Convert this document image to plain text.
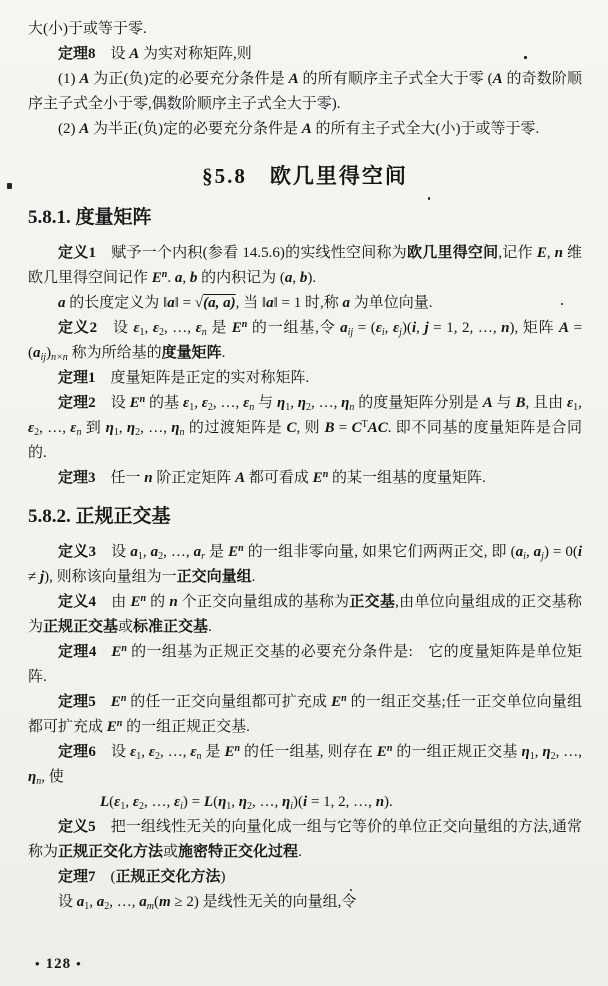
大(小)于或等于零.
定理8 设 A 为实对称矩阵,则
(1) A 为正(负)定的必要充分条件是 A 的所有顺序主子式全大于零 (A 的奇数阶顺序主子式全小于零,偶数阶顺序主子式全大于零).
(2) A 为半正(负)定的必要充分条件是 A 的所有主子式全大(小)于或等于零.
§5.8 欧几里得空间
5.8.1. 度量矩阵
定义1 赋予一个内积(参看 14.5.6)的实线性空间称为欧几里得空间,记作 E, n 维欧几里得空间记作 $E^n$. a, b 的内积记为 (a, b).
a 的长度定义为 ‖a‖ = √(a, a), 当 ‖a‖ = 1 时,称 a 为单位向量.
定义2 设 $\varepsilon_1$, $\varepsilon_2$, …, $\varepsilon_n$ 是 $E^n$ 的一组基,令 $a_{ij} = (\varepsilon_i$, $\varepsilon_j)(i$, j = 1, 2, …, n), 矩阵 $A = (a_{ij})_{n\times n}$ 称为所给基的度量矩阵.
定理1 度量矩阵是正定的实对称矩阵.
定理2 设 $E^n$ 的基 $\varepsilon_1$, $\varepsilon_2$, …, $\varepsilon_n$ 与 $\eta_1$, $\eta_2$, …, $\eta_n$ 的度量矩阵分别是 A 与 B, 且由 $\varepsilon_1$, $\varepsilon_2$, …, $\varepsilon_n$ 到 $\eta_1$, $\eta_2$, …, $\eta_n$ 的过渡矩阵是 C, 则 $B = C^TAC$. 即不同基的度量矩阵是合同的.
定理3 任一 n 阶正定矩阵 A 都可看成 $E^n$ 的某一组基的度量矩阵.
5.8.2. 正规正交基
定义3 设 $a_1$, $a_2$, …, $a_r$ 是 $E^n$ 的一组非零向量, 如果它们两两正交, 即 ($a_i$, $a_j) = 0(i \ne j)$, 则称该向量组为一正交向量组.
定义4 由 $E^n$ 的 n 个正交向量组成的基称为正交基,由单位向量组成的正交基称为正规正交基或标准正交基.
定理4  $E^n$ 的一组基为正规正交基的必要充分条件是: 它的度量矩阵是单位矩阵.
定理5  $E^n$ 的任一正交向量组都可扩充成 $E^n$ 的一组正交基;任一正交单位向量组都可扩充成 $E^n$ 的一组正规正交基.
定理6 设 $\varepsilon_1$, $\varepsilon_2$, …, $\varepsilon_n$ 是 $E^n$ 的任一组基, 则存在 $E^n$ 的一组正规正交基 $\eta_1$, $\eta_2$, …, $\eta_n$, 使
$L(\varepsilon_1$, $\varepsilon_2$, …, $\varepsilon_i) = L(\eta_1$, $\eta_2$, …, $\eta_i)(i = 1$, 2, …, n).
定义5 把一组线性无关的向量化成一组与它等价的单位正交向量组的方法,通常称为正规正交化方法或施密特正交化过程.
定理7 (正规正交化方法)
设 $a_1$, $a_2$, …, $a_m(m \ge 2)$ 是线性无关的向量组,令
• 128 •
